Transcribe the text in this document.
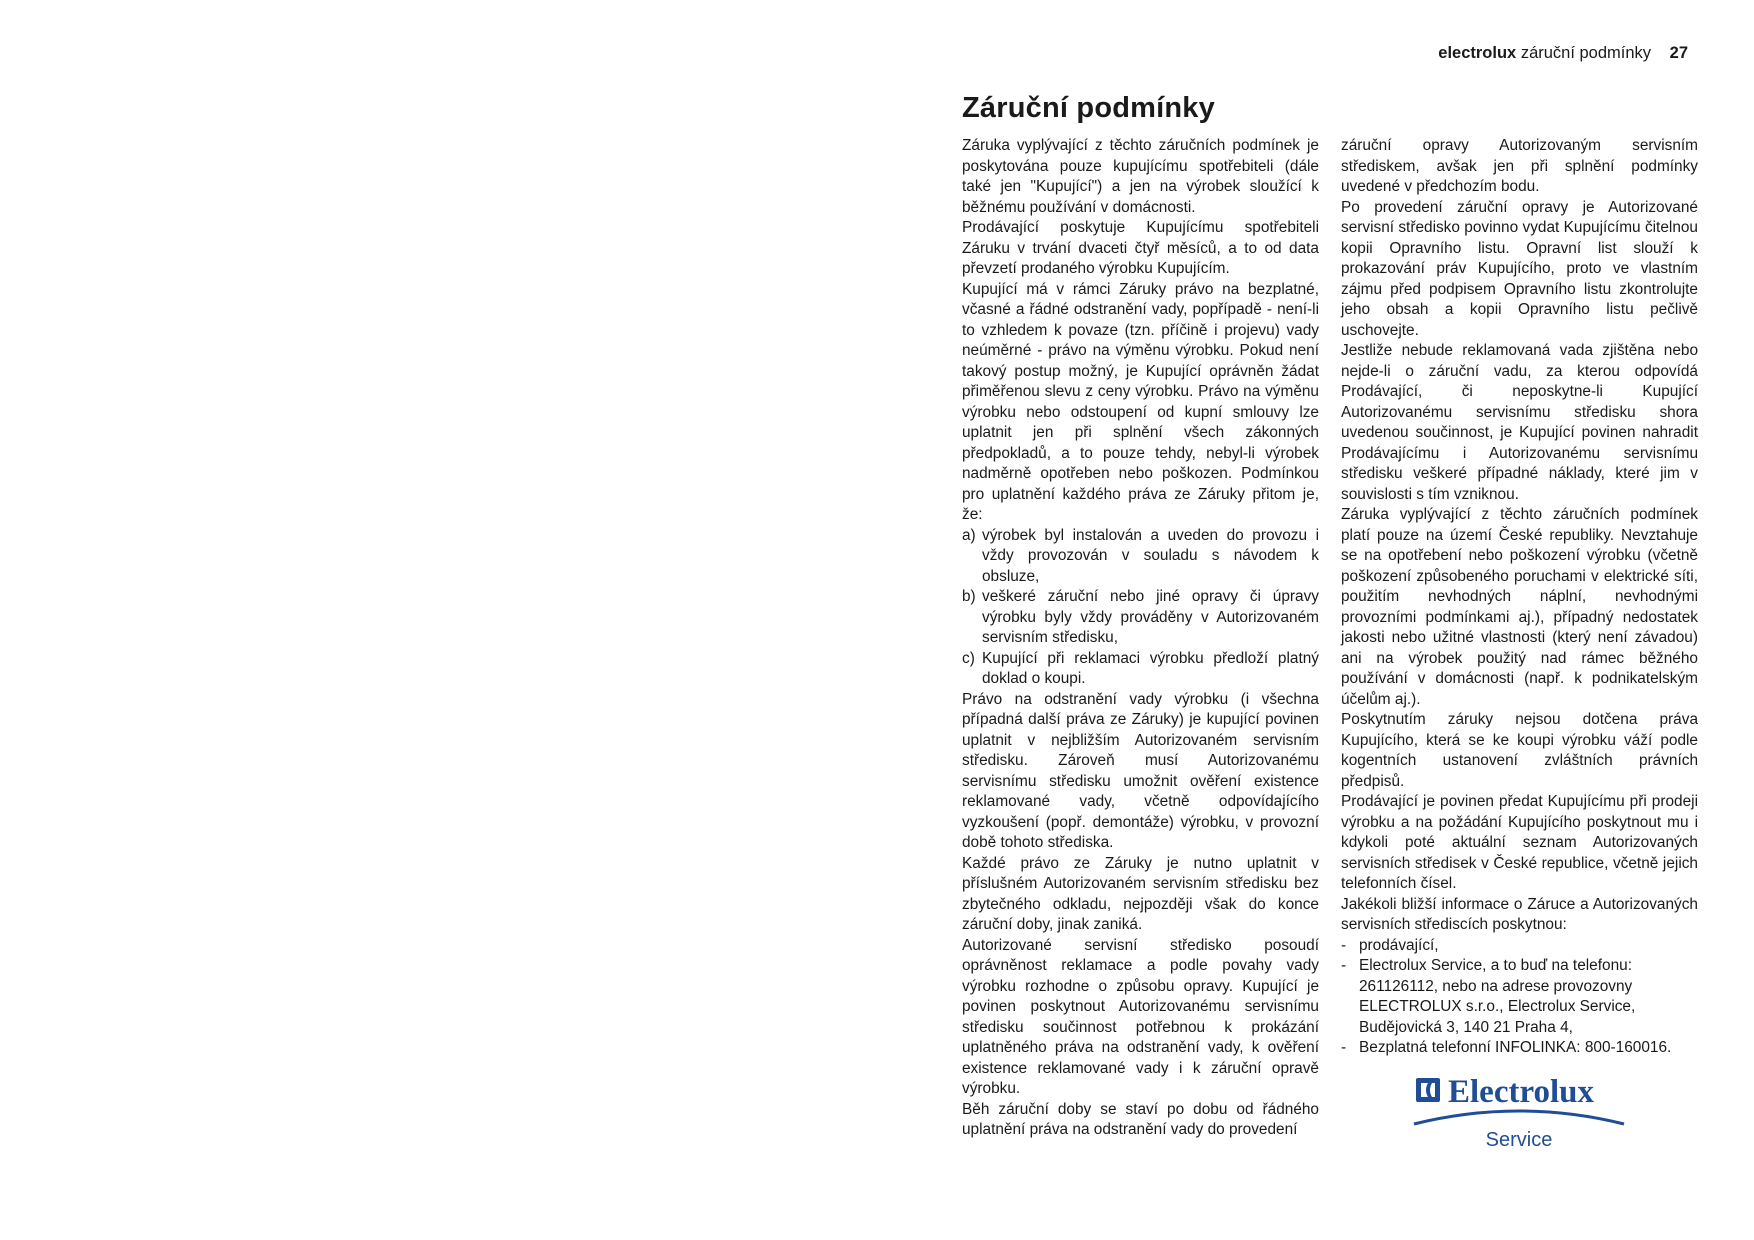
electrolux záruční podmínky 27
Záruční podmínky

Záruka vyplývající z těchto záručních podmínek je poskytována pouze kupujícímu spotřebiteli (dále také jen "Kupující") a jen na výrobek sloužící k běžnému používání v domácnosti.

Prodávající poskytuje Kupujícímu spotřebiteli Záruku v trvání dvaceti čtyř měsíců, a to od data převzetí prodaného výrobku Kupujícím.

Kupující má v rámci Záruky právo na bezplatné, včasné a řádné odstranění vady, popřípadě - není-li to vzhledem k povaze (tzn. příčině i projevu) vady neúměrné - právo na výměnu výrobku. Pokud není takový postup možný, je Kupující oprávněn žádat přiměřenou slevu z ceny výrobku. Právo na výměnu výrobku nebo odstoupení od kupní smlouvy lze uplatnit jen při splnění všech zákonných předpokladů, a to pouze tehdy, nebyl-li výrobek nadměrně opotřeben nebo poškozen. Podmínkou pro uplatnění každého práva ze Záruky přitom je, že:

a) výrobek byl instalován a uveden do provozu i vždy provozován v souladu s návodem k obsluze,
b) veškeré záruční nebo jiné opravy či úpravy výrobku byly vždy prováděny v Autorizovaném servisním středisku,
c) Kupující při reklamaci výrobku předloží platný doklad o koupi.

Právo na odstranění vady výrobku (i všechna případná další práva ze Záruky) je kupující povinen uplatnit v nejbližším Autorizovaném servisním středisku. Zároveň musí Autorizovanému servisnímu středisku umožnit ověření existence reklamované vady, včetně odpovídajícího vyzkoušení (popř. demontáže) výrobku, v provozní době tohoto střediska.

Každé právo ze Záruky je nutno uplatnit v příslušném Autorizovaném servisním středisku bez zbytečného odkladu, nejpozději však do konce záruční doby, jinak zaniká.

Autorizované servisní středisko posoudí oprávněnost reklamace a podle povahy vady výrobku rozhodne o způsobu opravy. Kupující je povinen poskytnout Autorizovanému servisnímu středisku součinnost potřebnou k prokázání uplatněného práva na odstranění vady, k ověření existence reklamované vady i k záruční opravě výrobku.

Běh záruční doby se staví po dobu od řádného uplatnění práva na odstranění vady do provedení

záruční opravy Autorizovaným servisním střediskem, avšak jen při splnění podmínky uvedené v předchozím bodu.

Po provedení záruční opravy je Autorizované servisní středisko povinno vydat Kupujícímu čitelnou kopii Opravního listu. Opravní list slouží k prokazování práv Kupujícího, proto ve vlastním zájmu před podpisem Opravního listu zkontrolujte jeho obsah a kopii Opravního listu pečlivě uschovejte.

Jestliže nebude reklamovaná vada zjištěna nebo nejde-li o záruční vadu, za kterou odpovídá Prodávající, či neposkytne-li Kupující Autorizovanému servisnímu středisku shora uvedenou součinnost, je Kupující povinen nahradit Prodávajícímu i Autorizovanému servisnímu středisku veškeré případné náklady, které jim v souvislosti s tím vzniknou.

Záruka vyplývající z těchto záručních podmínek platí pouze na území České republiky. Nevztahuje se na opotřebení nebo poškození výrobku (včetně poškození způsobeného poruchami v elektrické síti, použitím nevhodných náplní, nevhodnými provozními podmínkami aj.), případný nedostatek jakosti nebo užitné vlastnosti (který není závadou) ani na výrobek použitý nad rámec běžného používání v domácnosti (např. k podnikatelským účelům aj.).

Poskytnutím záruky nejsou dotčena práva Kupujícího, která se ke koupi výrobku váží podle kogentních ustanovení zvláštních právních předpisů.

Prodávající je povinen předat Kupujícímu při prodeji výrobku a na požádání Kupujícího poskytnout mu i kdykoli poté aktuální seznam Autorizovaných servisních středisek v České republice, včetně jejich telefonních čísel.

Jakékoli bližší informace o Záruce a Autorizovaných servisních střediscích poskytnou:

- prodávající,
- Electrolux Service, a to buď na telefonu: 261126112, nebo na adrese provozovny ELECTROLUX s.r.o., Electrolux Service, Budějovická 3, 140 21 Praha 4,
- Bezplatná telefonní INFOLINKA: 800-160016.
Electrolux
Service
